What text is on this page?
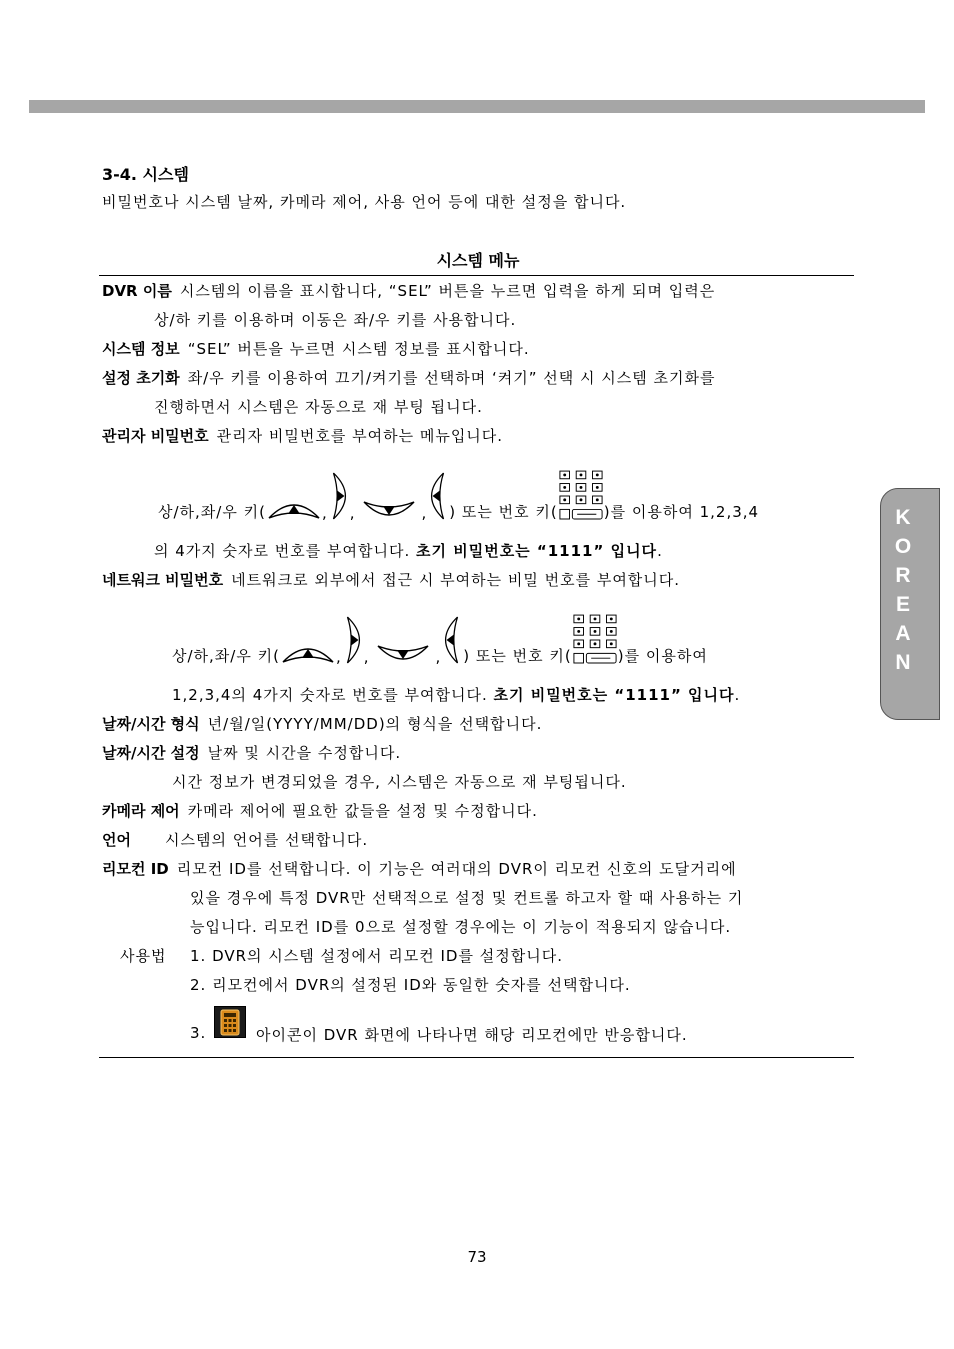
3-4. 시스템
비밀번호나 시스템 날짜, 카메라 제어, 사용 언어 등에 대한 설정을 합니다.
시스템 메뉴
DVR 이름 시스템의 이름을 표시합니다, “SEL” 버튼을 누르면 입력을 하게 되며 입력은
상/하 키를 이용하며 이동은 좌/우 키를 사용합니다.
시스템 정보 “SEL” 버튼을 누르면 시스템 정보를 표시합니다.
설정 초기화 좌/우 키를 이용하여 끄기/켜기를 선택하며 ‘켜기” 선택 시 시스템 초기화를
진행하면서 시스템은 자동으로 재 부팅 됩니다.
관리자 비밀번호 관리자 비밀번호를 부여하는 메뉴입니다.
상/하,좌/우 키(	, ,	, ) 또는 번호 키(	)를 이용하여 1,2,3,4
의 4가지 숫자로 번호를 부여합니다. 초기 비밀번호는 “1111” 입니다.
네트워크 비밀번호 네트워크로 외부에서 접근 시 부여하는 비밀 번호를 부여합니다.
상/하,좌/우 키(	, ,	, ) 또는 번호 키(	)를 이용하여
1,2,3,4의 4가지 숫자로 번호를 부여합니다. 초기 비밀번호는 “1111” 입니다.
날짜/시간 형식 년/월/일(YYYY/MM/DD)의 형식을 선택합니다.
날짜/시간 설정 날짜 및 시간을 수정합니다.
시간 정보가 변경되었을 경우, 시스템은 자동으로 재 부팅됩니다.
카메라 제어 카메라 제어에 필요한 값들을 설정 및 수정합니다.
언어 시스템의 언어를 선택합니다.
리모컨 ID 리모컨 ID를 선택합니다. 이 기능은 여러대의 DVR이 리모컨 신호의 도달거리에
있을 경우에 특정 DVR만 선택적으로 설정 및 컨트롤 하고자 할 때 사용하는 기
능입니다. 리모컨 ID를 0으로 설정할 경우에는 이 기능이 적용되지 않습니다.
사용법 1. DVR의 시스템 설정에서 리모컨 ID를 설정합니다.
2. 리모컨에서 DVR의 설정된 ID와 동일한 숫자를 선택합니다.
3.	아이콘이 DVR 화면에 나타나면 해당 리모컨에만 반응합니다.
K
O
R
E
A
N
73
